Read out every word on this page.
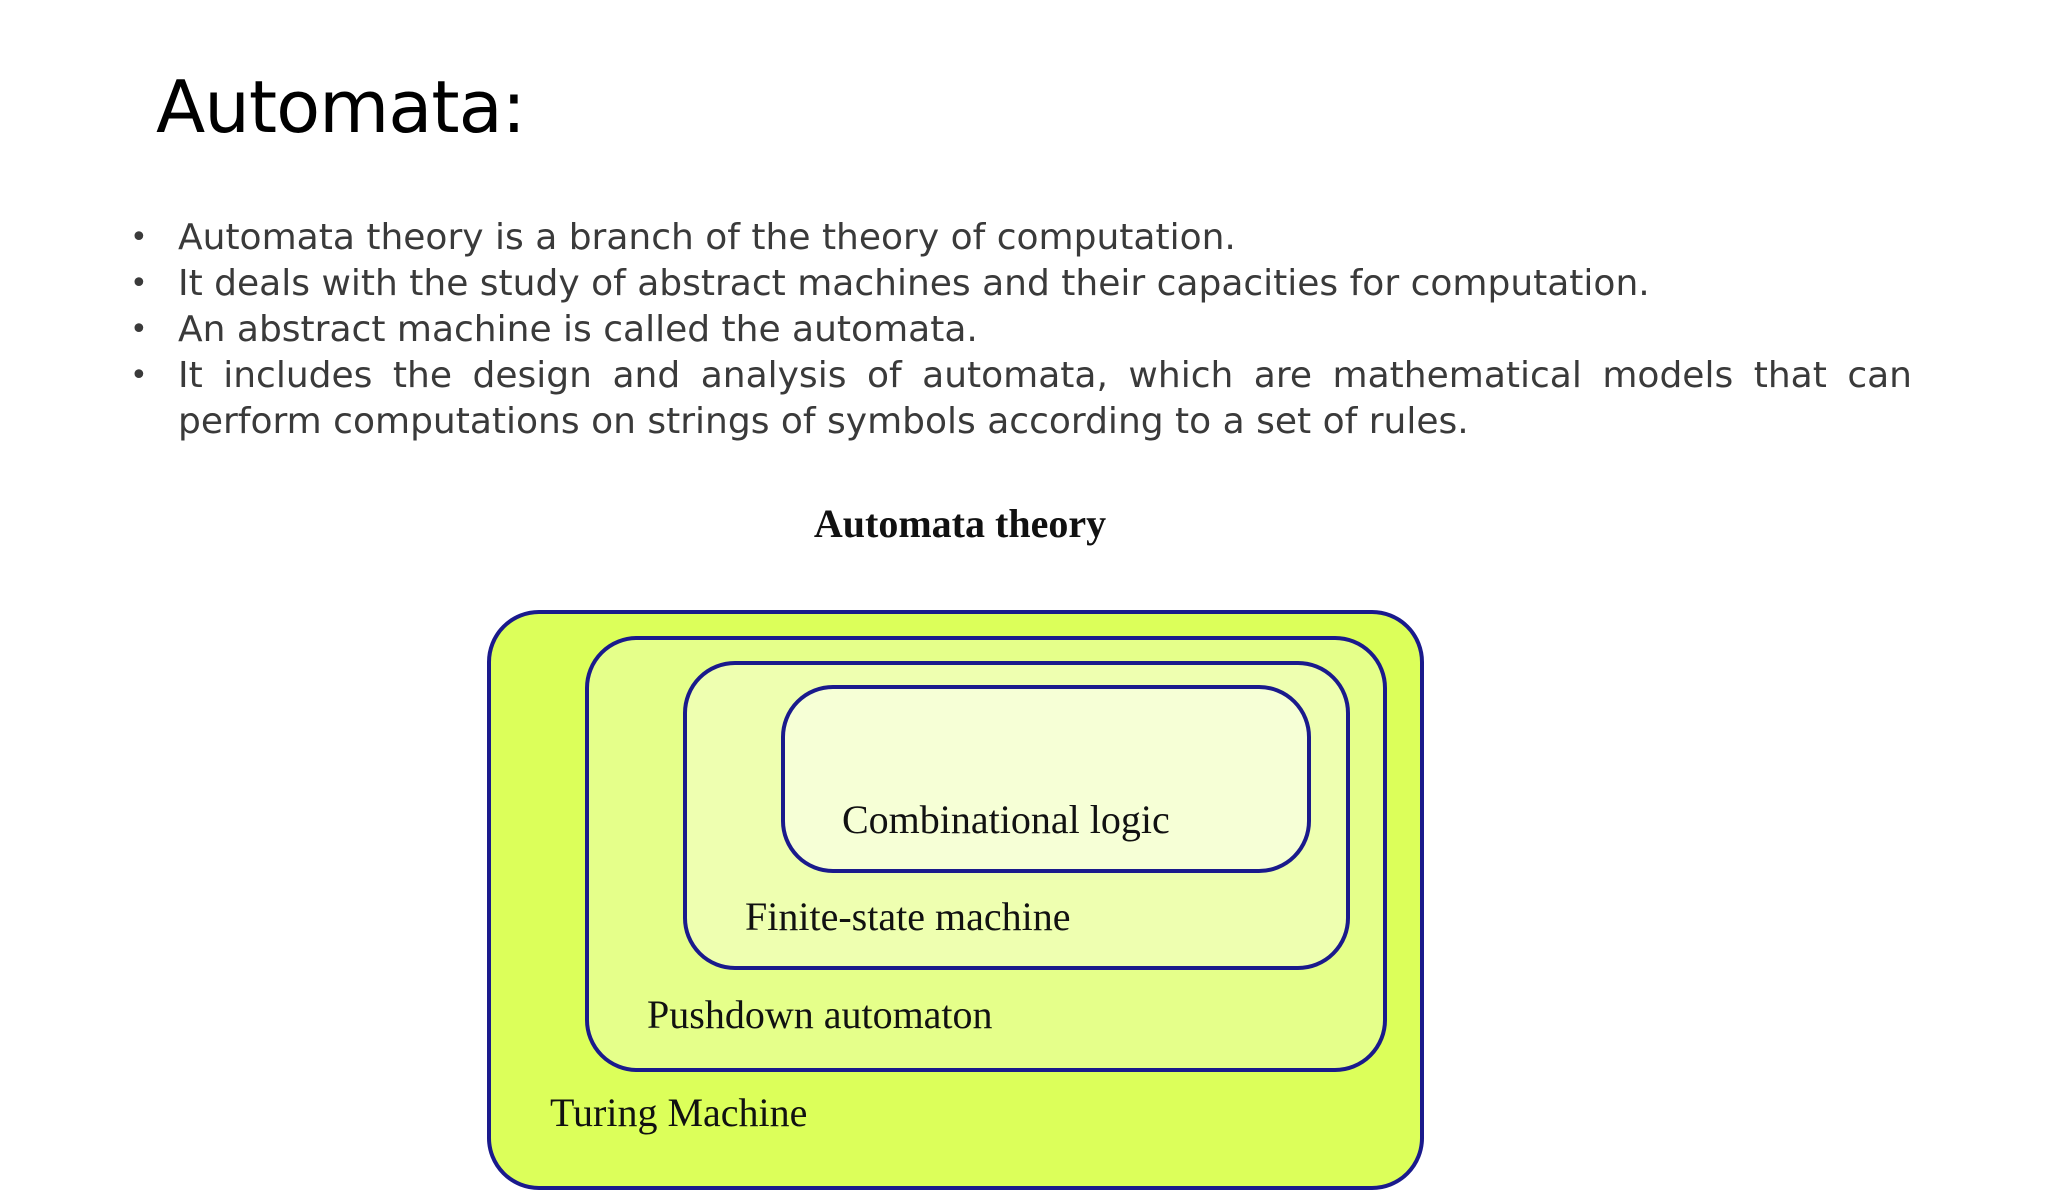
Automata:
• Automata theory is a branch of the theory of computation.
• It deals with the study of abstract machines and their capacities for computation.
• An abstract machine is called the automata.
• It includes the design and analysis of automata, which are mathematical models that can perform computations on strings of symbols according to a set of rules.
Automata theory
Combinational logic
Finite-state machine
Pushdown automaton
Turing Machine
